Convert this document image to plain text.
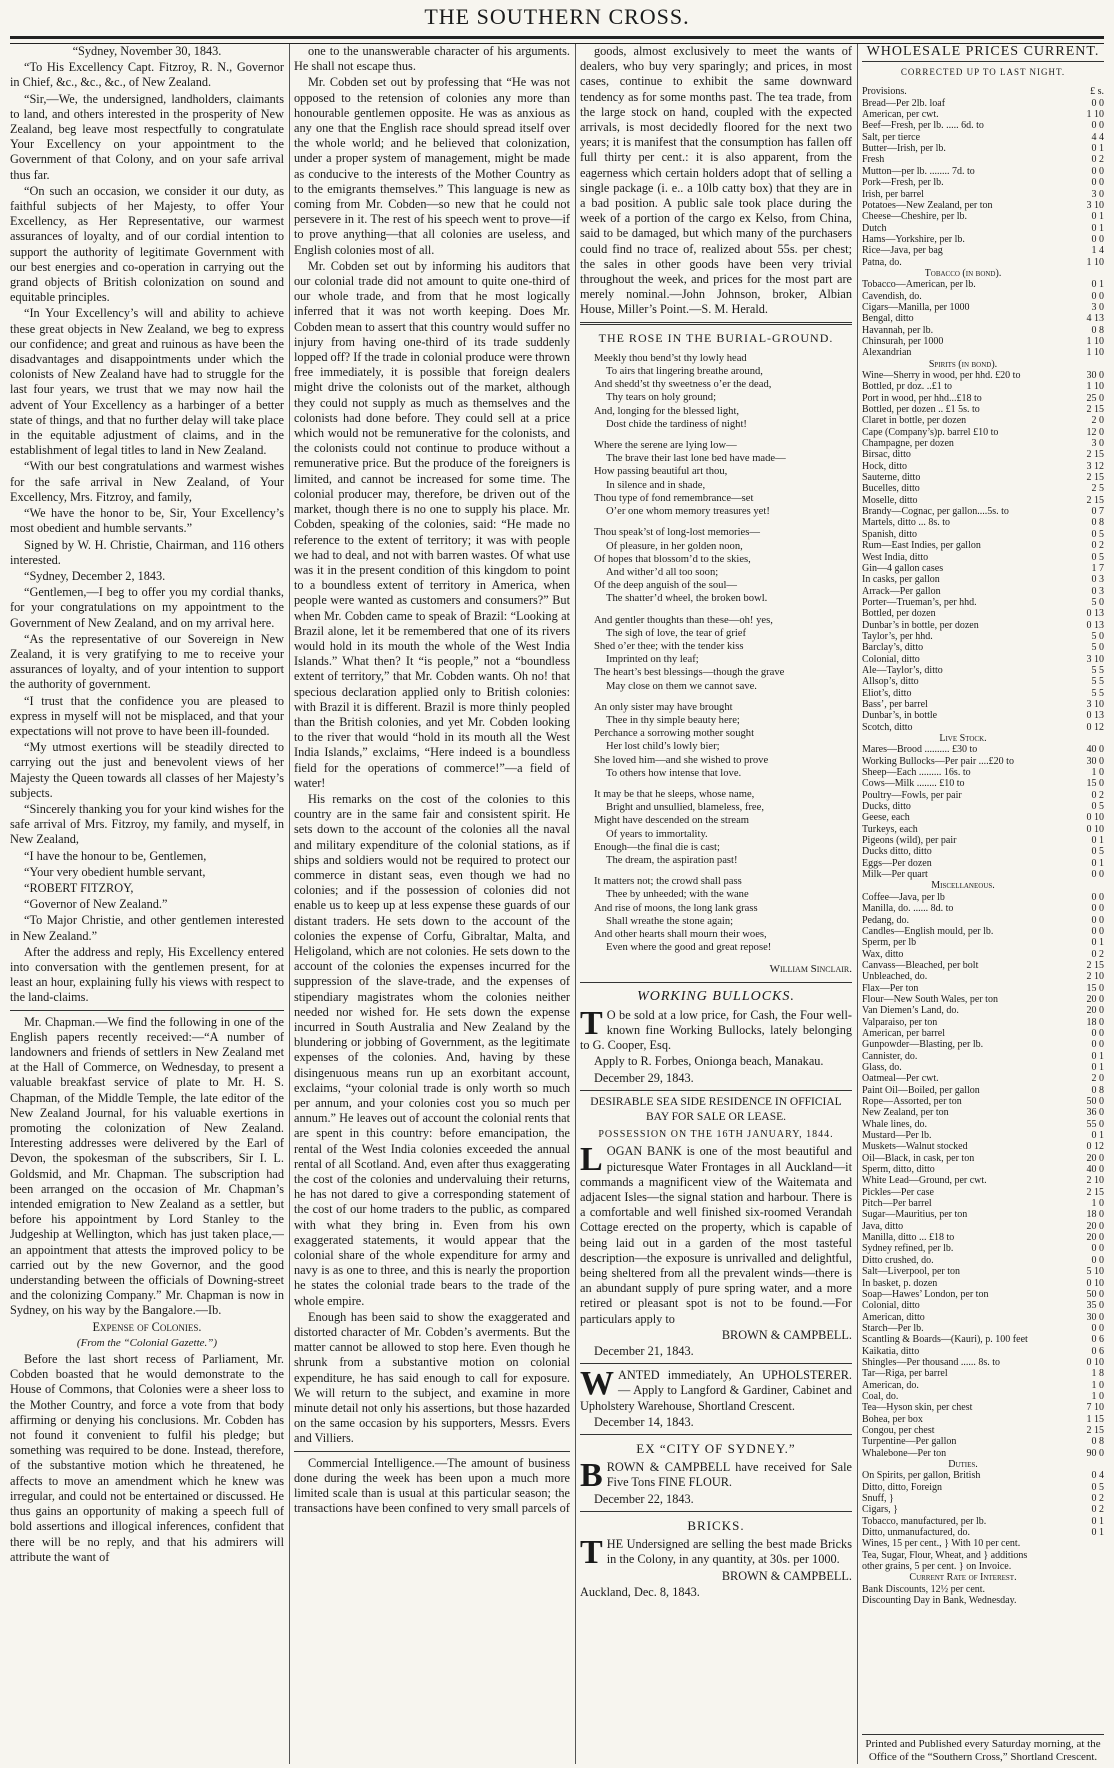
THE SOUTHERN CROSS.

“Sydney, November 30, 1843.

“To His Excellency Capt. Fitzroy, R. N., Governor in Chief, &c., &c., &c., of New Zealand.

“Sir,—We, the undersigned, landholders, claimants to land, and others interested in the prosperity of New Zealand, beg leave most respectfully to congratulate Your Excellency on your appointment to the Government of that Colony, and on your safe arrival thus far.

“On such an occasion, we consider it our duty, as faithful subjects of her Majesty, to offer Your Excellency, as Her Representative, our warmest assurances of loyalty, and of our cordial intention to support the authority of legitimate Government with our best energies and co-operation in carrying out the grand objects of British colonization on sound and equitable principles.

“In Your Excellency’s will and ability to achieve these great objects in New Zealand, we beg to express our confidence; and great and ruinous as have been the disadvantages and disappointments under which the colonists of New Zealand have had to struggle for the last four years, we trust that we may now hail the advent of Your Excellency as a harbinger of a better state of things, and that no further delay will take place in the equitable adjustment of claims, and in the establishment of legal titles to land in New Zealand.

“With our best congratulations and warmest wishes for the safe arrival in New Zealand, of Your Excellency, Mrs. Fitzroy, and family,

“We have the honor to be, Sir, Your Excellency’s most obedient and humble servants.”

Signed by W. H. Christie, Chairman, and 116 others interested.

“Sydney, December 2, 1843.

“Gentlemen,—I beg to offer you my cordial thanks, for your congratulations on my appointment to the Government of New Zealand, and on my arrival here.

“As the representative of our Sovereign in New Zealand, it is very gratifying to me to receive your assurances of loyalty, and of your intention to support the authority of government.

“I trust that the confidence you are pleased to express in myself will not be misplaced, and that your expectations will not prove to have been ill-founded.

“My utmost exertions will be steadily directed to carrying out the just and benevolent views of her Majesty the Queen towards all classes of her Majesty’s subjects.

“Sincerely thanking you for your kind wishes for the safe arrival of Mrs. Fitzroy, my family, and myself, in New Zealand,

“I have the honour to be, Gentlemen,

“Your very obedient humble servant,

“ROBERT FITZROY,

“Governor of New Zealand.”

“To Major Christie, and other gentlemen interested in New Zealand.”

After the address and reply, His Excellency entered into conversation with the gentlemen present, for at least an hour, explaining fully his views with respect to the land-claims.

Mr. Chapman.—We find the following in one of the English papers recently received:—“A number of landowners and friends of settlers in New Zealand met at the Hall of Commerce, on Wednesday, to present a valuable breakfast service of plate to Mr. H. S. Chapman, of the Middle Temple, the late editor of the New Zealand Journal, for his valuable exertions in promoting the colonization of New Zealand. Interesting addresses were delivered by the Earl of Devon, the spokesman of the subscribers, Sir I. L. Goldsmid, and Mr. Chapman. The subscription had been arranged on the occasion of Mr. Chapman’s intended emigration to New Zealand as a settler, but before his appointment by Lord Stanley to the Judgeship at Wellington, which has just taken place,—an appointment that attests the improved policy to be carried out by the new Governor, and the good understanding between the officials of Downing-street and the colonizing Company.” Mr. Chapman is now in Sydney, on his way by the Bangalore.—Ib.

Expense of Colonies.

(From the “Colonial Gazette.”)

Before the last short recess of Parliament, Mr. Cobden boasted that he would demonstrate to the House of Commons, that Colonies were a sheer loss to the Mother Country, and force a vote from that body affirming or denying his conclusions. Mr. Cobden has not found it convenient to fulfil his pledge; but something was required to be done. Instead, therefore, of the substantive motion which he threatened, he affects to move an amendment which he knew was irregular, and could not be entertained or discussed. He thus gains an opportunity of making a speech full of bold assertions and illogical inferences, confident that there will be no reply, and that his admirers will attribute the want of

one to the unanswerable character of his arguments. He shall not escape thus.

Mr. Cobden set out by professing that “He was not opposed to the retension of colonies any more than honourable gentlemen opposite. He was as anxious as any one that the English race should spread itself over the whole world; and he believed that colonization, under a proper system of management, might be made as conducive to the interests of the Mother Country as to the emigrants themselves.” This language is new as coming from Mr. Cobden—so new that he could not persevere in it. The rest of his speech went to prove—if to prove anything—that all colonies are useless, and English colonies most of all.

Mr. Cobden set out by informing his auditors that our colonial trade did not amount to quite one-third of our whole trade, and from that he most logically inferred that it was not worth keeping. Does Mr. Cobden mean to assert that this country would suffer no injury from having one-third of its trade suddenly lopped off? If the trade in colonial produce were thrown free immediately, it is possible that foreign dealers might drive the colonists out of the market, although they could not supply as much as themselves and the colonists had done before. They could sell at a price which would not be remunerative for the colonists, and the colonists could not continue to produce without a remunerative price. But the produce of the foreigners is limited, and cannot be increased for some time. The colonial producer may, therefore, be driven out of the market, though there is no one to supply his place. Mr. Cobden, speaking of the colonies, said: “He made no reference to the extent of territory; it was with people we had to deal, and not with barren wastes. Of what use was it in the present condition of this kingdom to point to a boundless extent of territory in America, when people were wanted as customers and consumers?” But when Mr. Cobden came to speak of Brazil: “Looking at Brazil alone, let it be remembered that one of its rivers would hold in its mouth the whole of the West India Islands.” What then? It “is people,” not a “boundless extent of territory,” that Mr. Cobden wants. Oh no! that specious declaration applied only to British colonies: with Brazil it is different. Brazil is more thinly peopled than the British colonies, and yet Mr. Cobden looking to the river that would “hold in its mouth all the West India Islands,” exclaims, “Here indeed is a boundless field for the operations of commerce!”—a field of water!

His remarks on the cost of the colonies to this country are in the same fair and consistent spirit. He sets down to the account of the colonies all the naval and military expenditure of the colonial stations, as if ships and soldiers would not be required to protect our commerce in distant seas, even though we had no colonies; and if the possession of colonies did not enable us to keep up at less expense these guards of our distant traders. He sets down to the account of the colonies the expense of Corfu, Gibraltar, Malta, and Heligoland, which are not colonies. He sets down to the account of the colonies the expenses incurred for the suppression of the slave-trade, and the expenses of stipendiary magistrates whom the colonies neither needed nor wished for. He sets down the expense incurred in South Australia and New Zealand by the blundering or jobbing of Government, as the legitimate expenses of the colonies. And, having by these disingenuous means run up an exorbitant account, exclaims, “your colonial trade is only worth so much per annum, and your colonies cost you so much per annum.” He leaves out of account the colonial rents that are spent in this country: before emancipation, the rental of the West India colonies exceeded the annual rental of all Scotland. And, even after thus exaggerating the cost of the colonies and undervaluing their returns, he has not dared to give a corresponding statement of the cost of our home traders to the public, as compared with what they bring in. Even from his own exaggerated statements, it would appear that the colonial share of the whole expenditure for army and navy is as one to three, and this is nearly the proportion he states the colonial trade bears to the trade of the whole empire.

Enough has been said to show the exaggerated and distorted character of Mr. Cobden’s averments. But the matter cannot be allowed to stop here. Even though he shrunk from a substantive motion on colonial expenditure, he has said enough to call for exposure. We will return to the subject, and examine in more minute detail not only his assertions, but those hazarded on the same occasion by his supporters, Messrs. Evers and Villiers.

Commercial Intelligence.—The amount of business done during the week has been upon a much more limited scale than is usual at this particular season; the transactions have been confined to very small parcels of

goods, almost exclusively to meet the wants of dealers, who buy very sparingly; and prices, in most cases, continue to exhibit the same downward tendency as for some months past. The tea trade, from the large stock on hand, coupled with the expected arrivals, is most decidedly floored for the next two years; it is manifest that the consumption has fallen off full thirty per cent.: it is also apparent, from the eagerness which certain holders adopt that of selling a single package (i. e.. a 10lb catty box) that they are in a bad position. A public sale took place during the week of a portion of the cargo ex Kelso, from China, said to be damaged, but which many of the purchasers could find no trace of, realized about 55s. per chest; the sales in other goods have been very trivial throughout the week, and prices for the most part are merely nominal.—John Johnson, broker, Albian House, Miller’s Point.—S. M. Herald.

THE ROSE IN THE BURIAL-GROUND.
Meekly thou bend’st thy lowly head
To airs that lingering breathe around,
And shedd’st thy sweetness o’er the dead,
Thy tears on holy ground;
And, longing for the blessed light,
Dost chide the tardiness of night!
Where the serene are lying low—
The brave their last lone bed have made—
How passing beautiful art thou,
In silence and in shade,
Thou type of fond remembrance—set
O’er one whom memory treasures yet!
Thou speak’st of long-lost memories—
Of pleasure, in her golden noon,
Of hopes that blossom’d to the skies,
And wither’d all too soon;
Of the deep anguish of the soul—
The shatter’d wheel, the broken bowl.
And gentler thoughts than these—oh! yes,
The sigh of love, the tear of grief
Shed o’er thee; with the tender kiss
Imprinted on thy leaf;
The heart’s best blessings—though the grave
May close on them we cannot save.
An only sister may have brought
Thee in thy simple beauty here;
Perchance a sorrowing mother sought
Her lost child’s lowly bier;
She loved him—and she wished to prove
To others how intense that love.
It may be that he sleeps, whose name,
Bright and unsullied, blameless, free,
Might have descended on the stream
Of years to immortality.
Enough—the final die is cast;
The dream, the aspiration past!
It matters not; the crowd shall pass
Thee by unheeded; with the wane
And rise of moons, the long lank grass
Shall wreathe the stone again;
And other hearts shall mourn their woes,
Even where the good and great repose!

William Sinclair.

WORKING BULLOCKS.

T O be sold at a low price, for Cash, the Four well-known fine Working Bullocks, lately belonging to G. Cooper, Esq.

Apply to R. Forbes, Onionga beach, Manakau.

December 29, 1843.

DESIRABLE SEA SIDE RESIDENCE IN OFFICIAL BAY FOR SALE OR LEASE.

POSSESSION ON THE 16TH JANUARY, 1844.

LOGAN BANK is one of the most beautiful and picturesque Water Frontages in all Auckland—it commands a magnificent view of the Waitemata and adjacent Isles—the signal station and harbour. There is a comfortable and well finished six-roomed Verandah Cottage erected on the property, which is capable of being laid out in a garden of the most tasteful description—the exposure is unrivalled and delightful, being sheltered from all the prevalent winds—there is an abundant supply of pure spring water, and a more retired or pleasant spot is not to be found.—For particulars apply to

BROWN & CAMPBELL.

December 21, 1843.

WANTED immediately, An UPHOLSTERER. — Apply to Langford & Gardiner, Cabinet and Upholstery Warehouse, Shortland Crescent.

December 14, 1843.

EX “CITY OF SYDNEY.”

BROWN & CAMPBELL have received for Sale Five Tons FINE FLOUR.

December 22, 1843.

BRICKS.

THE Undersigned are selling the best made Bricks in the Colony, in any quantity, at 30s. per 1000.

BROWN & CAMPBELL.

Auckland, Dec. 8, 1843.

WHOLESALE PRICES CURRENT.
CORRECTED UP TO LAST NIGHT.
Provisions.	£ s.
Bread—Per 2lb. loaf	0 0
American, per cwt.	1 10
Beef—Fresh, per lb. ..... 6d. to	0 0
Salt, per tierce	4 4
Butter—Irish, per lb.	0 1
Fresh	0 2
Mutton—per lb. ........ 7d. to	0 0
Pork—Fresh, per lb.	0 0
Irish, per barrel	3 0
Potatoes—New Zealand, per ton	3 10
Cheese—Cheshire, per lb.	0 1
Dutch	0 1
Hams—Yorkshire, per lb.	0 0
Rice—Java, per bag	1 4
Patna, do.	1 10
Tobacco (in bond).
Tobacco—American, per lb.	0 1
Cavendish, do.	0 0
Cigars—Manilla, per 1000	3 0
Bengal, ditto	4 13
Havannah, per lb.	0 8
Chinsurah, per 1000	1 10
Alexandrian	1 10
Spirits (in bond).
Wine—Sherry in wood, per hhd. £20 to	30 0
Bottled, pr doz. ..£1 to	1 10
Port in wood, per hhd...£18 to	25 0
Bottled, per dozen .. £1 5s. to	2 15
Claret in bottle, per dozen	2 0
Cape (Company’s)p. barrel £10 to	12 0
Champagne, per dozen	3 0
Birsac, ditto	2 15
Hock, ditto	3 12
Sauterne, ditto	2 15
Bucelles, ditto	2 5
Moselle, ditto	2 15
Brandy—Cognac, per gallon....5s. to	0 7
Martels, ditto ... 8s. to	0 8
Spanish, ditto	0 5
Rum—East Indies, per gallon	0 2
West India, ditto	0 5
Gin—4 gallon cases	1 7
In casks, per gallon	0 3
Arrack—Per gallon	0 3
Porter—Trueman’s, per hhd.	5 0
Bottled, per dozen	0 13
Dunbar’s in bottle, per dozen	0 13
Taylor’s, per hhd.	5 0
Barclay’s, ditto	5 0
Colonial, ditto	3 10
Ale—Taylor’s, ditto	5 5
Allsop’s, ditto	5 5
Eliot’s, ditto	5 5
Bass’, per barrel	3 10
Dunbar’s, in bottle	0 13
Scotch, ditto	0 12
Live Stock.
Mares—Brood .......... £30 to	40 0
Working Bullocks—Per pair ....£20 to	30 0
Sheep—Each ......... 16s. to	1 0
Cows—Milk ........ £10 to	15 0
Poultry—Fowls, per pair	0 2
Ducks, ditto	0 5
Geese, each	0 10
Turkeys, each	0 10
Pigeons (wild), per pair	0 1
Ducks ditto, ditto	0 5
Eggs—Per dozen	0 1
Milk—Per quart	0 0
Miscellaneous.
Coffee—Java, per lb	0 0
Manilla, do. ...... 8d. to	0 0
Pedang, do.	0 0
Candles—English mould, per lb.	0 0
Sperm, per lb	0 1
Wax, ditto	0 2
Canvass—Bleached, per bolt	2 15
Unbleached, do.	2 10
Flax—Per ton	15 0
Flour—New South Wales, per ton	20 0
Van Diemen’s Land, do.	20 0
Valparaiso, per ton	18 0
American, per barrel	0 0
Gunpowder—Blasting, per lb.	0 0
Cannister, do.	0 1
Glass, do.	0 1
Oatmeal—Per cwt.	2 0
Paint Oil—Boiled, per gallon	0 8
Rope—Assorted, per ton	50 0
New Zealand, per ton	36 0
Whale lines, do.	55 0
Mustard—Per lb.	0 1
Muskets—Walnut stocked	0 12
Oil—Black, in cask, per ton	20 0
Sperm, ditto, ditto	40 0
White Lead—Ground, per cwt.	2 10
Pickles—Per case	2 15
Pitch—Per barrel	1 0
Sugar—Mauritius, per ton	18 0
Java, ditto	20 0
Manilla, ditto ... £18 to	20 0
Sydney refined, per lb.	0 0
Ditto crushed, do.	0 0
Salt—Liverpool, per ton	5 10
In basket, p. dozen	0 10
Soap—Hawes’ London, per ton	50 0
Colonial, ditto	35 0
American, ditto	30 0
Starch—Per lb.	0 0
Scantling & Boards—(Kauri), p. 100 feet	0 6
Kaikatia, ditto	0 6
Shingles—Per thousand ...... 8s. to	0 10
Tar—Riga, per barrel	1 8
American, do.	1 0
Coal, do.	1 0
Tea—Hyson skin, per chest	7 10
Bohea, per box	1 15
Congou, per chest	2 15
Turpentine—Per gallon	0 8
Whalebone—Per ton	90 0
Duties.
On Spirits, per gallon, British	0 4
Ditto, ditto, Foreign	0 5
Snuff, }	0 2
Cigars, }	0 2
Tobacco, manufactured, per lb.	0 1
Ditto, unmanufactured, do.	0 1
Wines, 15 per cent., } With 10 per cent.
Tea, Sugar, Flour, Wheat, and } additions
other grains, 5 per cent. } on Invoice.
Current Rate of Interest.
Bank Discounts, 12½ per cent.
Discounting Day in Bank, Wednesday.
Printed and Published every Saturday morning, at the Office of the “Southern Cross,” Shortland Crescent.
